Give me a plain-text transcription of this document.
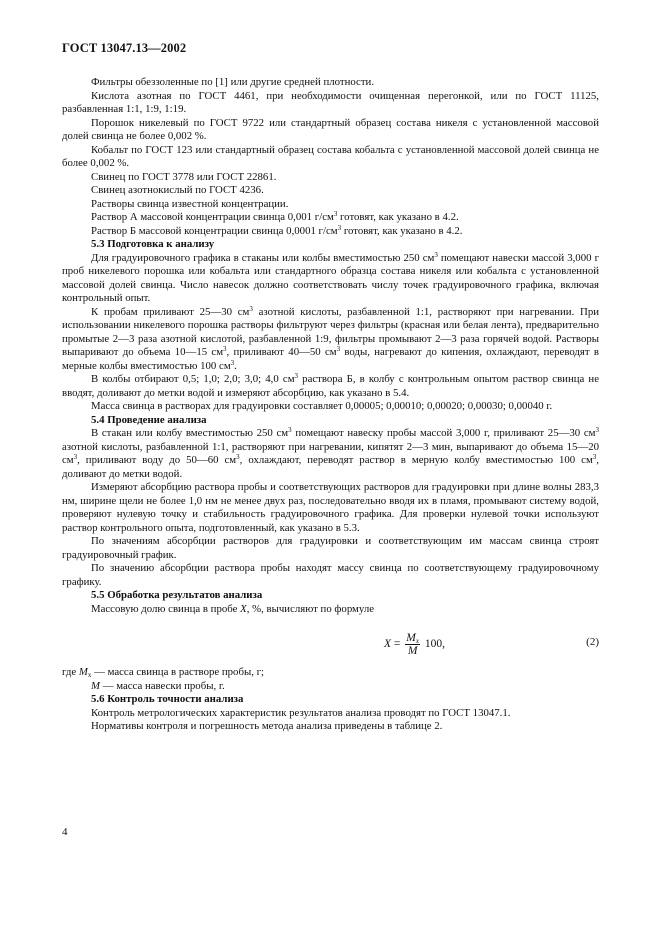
ГОСТ 13047.13—2002

Фильтры обеззоленные по [1] или другие средней плотности.

Кислота азотная по ГОСТ 4461, при необходимости очищенная перегонкой, или по ГОСТ 11125, разбавленная 1:1, 1:9, 1:19.

Порошок никелевый по ГОСТ 9722 или стандартный образец состава никеля с установленной массовой долей свинца не более 0,002 %.

Кобальт по ГОСТ 123 или стандартный образец состава кобальта с установленной массовой долей свинца не более 0,002 %.

Свинец по ГОСТ 3778 или ГОСТ 22861.

Свинец азотнокислый по ГОСТ 4236.

Растворы свинца известной концентрации.

Раствор А массовой концентрации свинца 0,001 $г/см^3$ готовят, как указано в 4.2.

Раствор Б массовой концентрации свинца 0,0001 $г/см^3$ готовят, как указано в 4.2.

5.3 Подготовка к анализу

Для градуировочного графика в стаканы или колбы вместимостью 250 $см^3$ помещают навески массой 3,000 г проб никелевого порошка или кобальта или стандартного образца состава никеля или кобальта с установленной массовой долей свинца. Число навесок должно соответствовать числу точек градуировочного графика, включая контрольный опыт.

К пробам приливают 25—30 $см^3$ азотной кислоты, разбавленной 1:1, растворяют при нагревании. При использовании никелевого порошка растворы фильтруют через фильтры (красная или белая лента), предварительно промытые 2—3 раза азотной кислотой, разбавленной 1:9, фильтры промывают 2—3 раза горячей водой. Растворы выпаривают до объема 10—15 $см^3$, приливают 40—50 $см^3$ воды, нагревают до кипения, охлаждают, переводят в мерные колбы вместимостью 100 $см^3$.

В колбы отбирают 0,5; 1,0; 2,0; 3,0; 4,0 $см^3$ раствора Б, в колбу с контрольным опытом раствор свинца не вводят, доливают до метки водой и измеряют абсорбцию, как указано в 5.4.

Масса свинца в растворах для градуировки составляет 0,00005; 0,00010; 0,00020; 0,00030; 0,00040 г.

5.4 Проведение анализа

В стакан или колбу вместимостью 250 $см^3$ помещают навеску пробы массой 3,000 г, приливают 25—30 $см^3$ азотной кислоты, разбавленной 1:1, растворяют при нагревании, кипятят 2—3 мин, выпаривают до объема 15—20 $см^3$, приливают воду до 50—60 $см^3$, охлаждают, переводят раствор в мерную колбу вместимостью 100 $см^3$, доливают до метки водой.

Измеряют абсорбцию раствора пробы и соответствующих растворов для градуировки при длине волны 283,3 нм, ширине щели не более 1,0 нм не менее двух раз, последовательно вводя их в пламя, промывают систему водой, проверяют нулевую точку и стабильность градуировочного графика. Для проверки нулевой точки используют раствор контрольного опыта, подготовленный, как указано в 5.3.

По значениям абсорбции растворов для градуировки и соответствующим им массам свинца строят градуировочный график.

По значению абсорбции раствора пробы находят массу свинца по соответствующему градуировочному графику.

5.5 Обработка результатов анализа

Массовую долю свинца в пробе X, %, вычисляют по формуле

$X = \frac{M_x}{M} 100$,	(2)

где $M_x$ — масса свинца в растворе пробы, г;

M — масса навески пробы, г.

5.6 Контроль точности анализа

Контроль метрологических характеристик результатов анализа проводят по ГОСТ 13047.1.

Нормативы контроля и погрешность метода анализа приведены в таблице 2.

4
